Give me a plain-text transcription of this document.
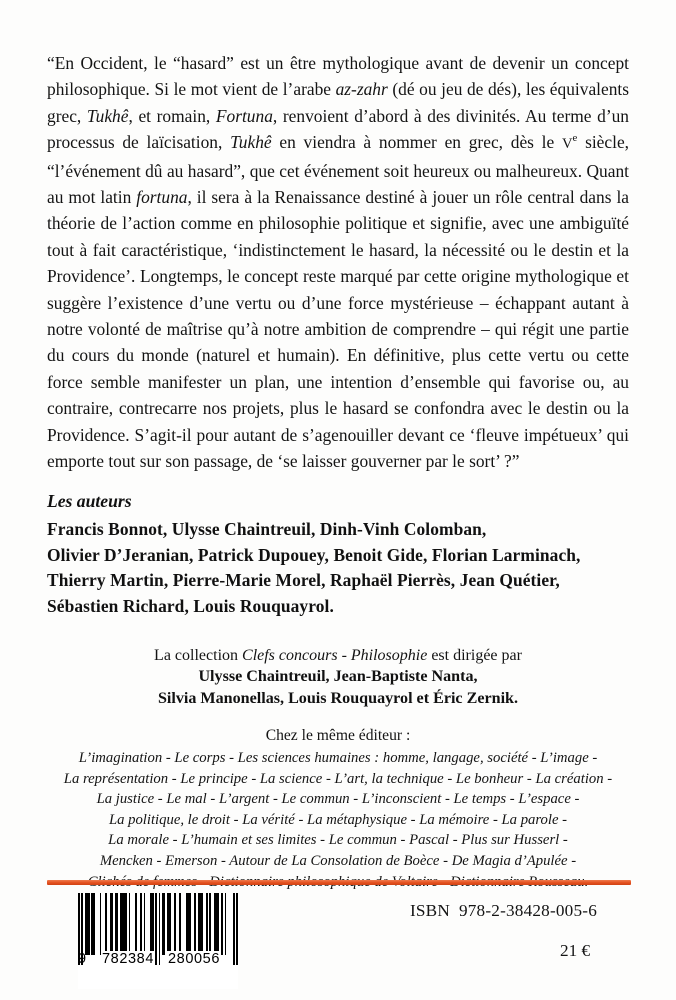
“En Occident, le “hasard” est un être mythologique avant de devenir un concept philosophique. Si le mot vient de l’arabe az-zahr (dé ou jeu de dés), les équivalents grec, Tukhê, et romain, Fortuna, renvoient d’abord à des divinités. Au terme d’un processus de laïcisation, Tukhê en viendra à nommer en grec, dès le Ve siècle, “l’événement dû au hasard”, que cet événement soit heureux ou malheureux. Quant au mot latin fortuna, il sera à la Renaissance destiné à jouer un rôle central dans la théorie de l’action comme en philosophie politique et signifie, avec une ambiguïté tout à fait caractéristique, ‘indistinctement le hasard, la nécessité ou le destin et la Providence’. Longtemps, le concept reste marqué par cette origine mythologique et suggère l’existence d’une vertu ou d’une force mystérieuse – échappant autant à notre volonté de maîtrise qu’à notre ambition de comprendre – qui régit une partie du cours du monde (naturel et humain). En définitive, plus cette vertu ou cette force semble manifester un plan, une intention d’ensemble qui favorise ou, au contraire, contrecarre nos projets, plus le hasard se confondra avec le destin ou la Providence. S’agit-il pour autant de s’agenouiller devant ce ‘fleuve impétueux’ qui emporte tout sur son passage, de ‘se laisser gouverner par le sort’ ?”
Les auteurs
Francis Bonnot, Ulysse Chaintreuil, Dinh-Vinh Colomban,
Olivier D’Jeranian, Patrick Dupouey, Benoit Gide, Florian Larminach,
Thierry Martin, Pierre-Marie Morel, Raphaël Pierrès, Jean Quétier,
Sébastien Richard, Louis Rouquayrol.
La collection Clefs concours - Philosophie est dirigée par
Ulysse Chaintreuil, Jean-Baptiste Nanta,
Silvia Manonellas, Louis Rouquayrol et Éric Zernik.
Chez le même éditeur :
L’imagination - Le corps - Les sciences humaines : homme, langage, société - L’image -
La représentation - Le principe - La science - L’art, la technique - Le bonheur - La création -
La justice - Le mal - L’argent - Le commun - L’inconscient - Le temps - L’espace -
La politique, le droit - La vérité - La métaphysique - La mémoire - La parole -
La morale - L’humain et ses limites - Le commun - Pascal - Plus sur Husserl -
Mencken - Emerson - Autour de La Consolation de Boèce - De Magia d’Apulée -
9 782384 280056
ISBN 978-2-38428-005-6
21 €
